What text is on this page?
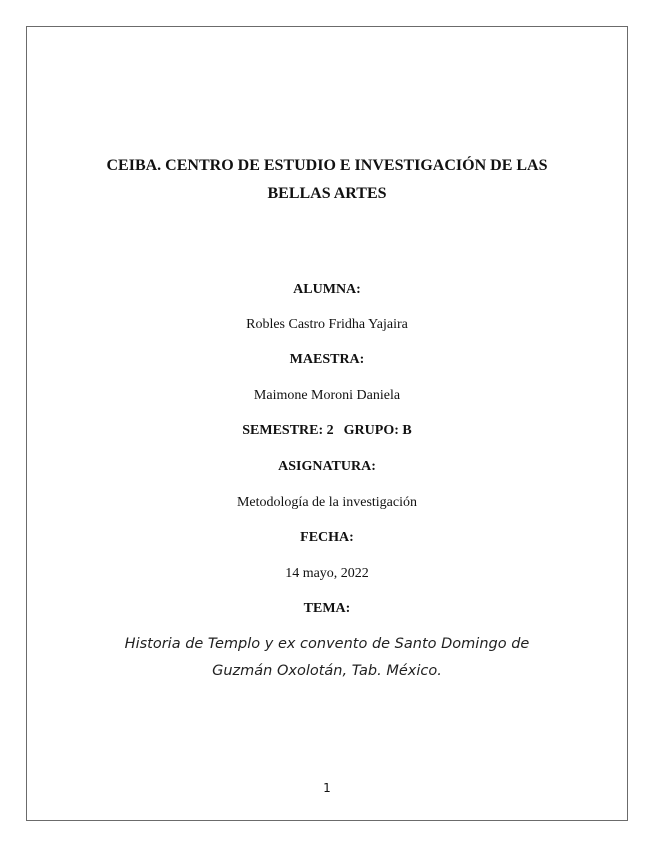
CEIBA. CENTRO DE ESTUDIO E INVESTIGACIÓN DE LAS
BELLAS ARTES
ALUMNA:
Robles Castro Fridha Yajaira
MAESTRA:
Maimone Moroni Daniela
SEMESTRE: 2 GRUPO: B
ASIGNATURA:
Metodología de la investigación
FECHA:
14 mayo, 2022
TEMA:
Historia de Templo y ex convento de Santo Domingo de
Guzmán Oxolotán, Tab. México.
1
